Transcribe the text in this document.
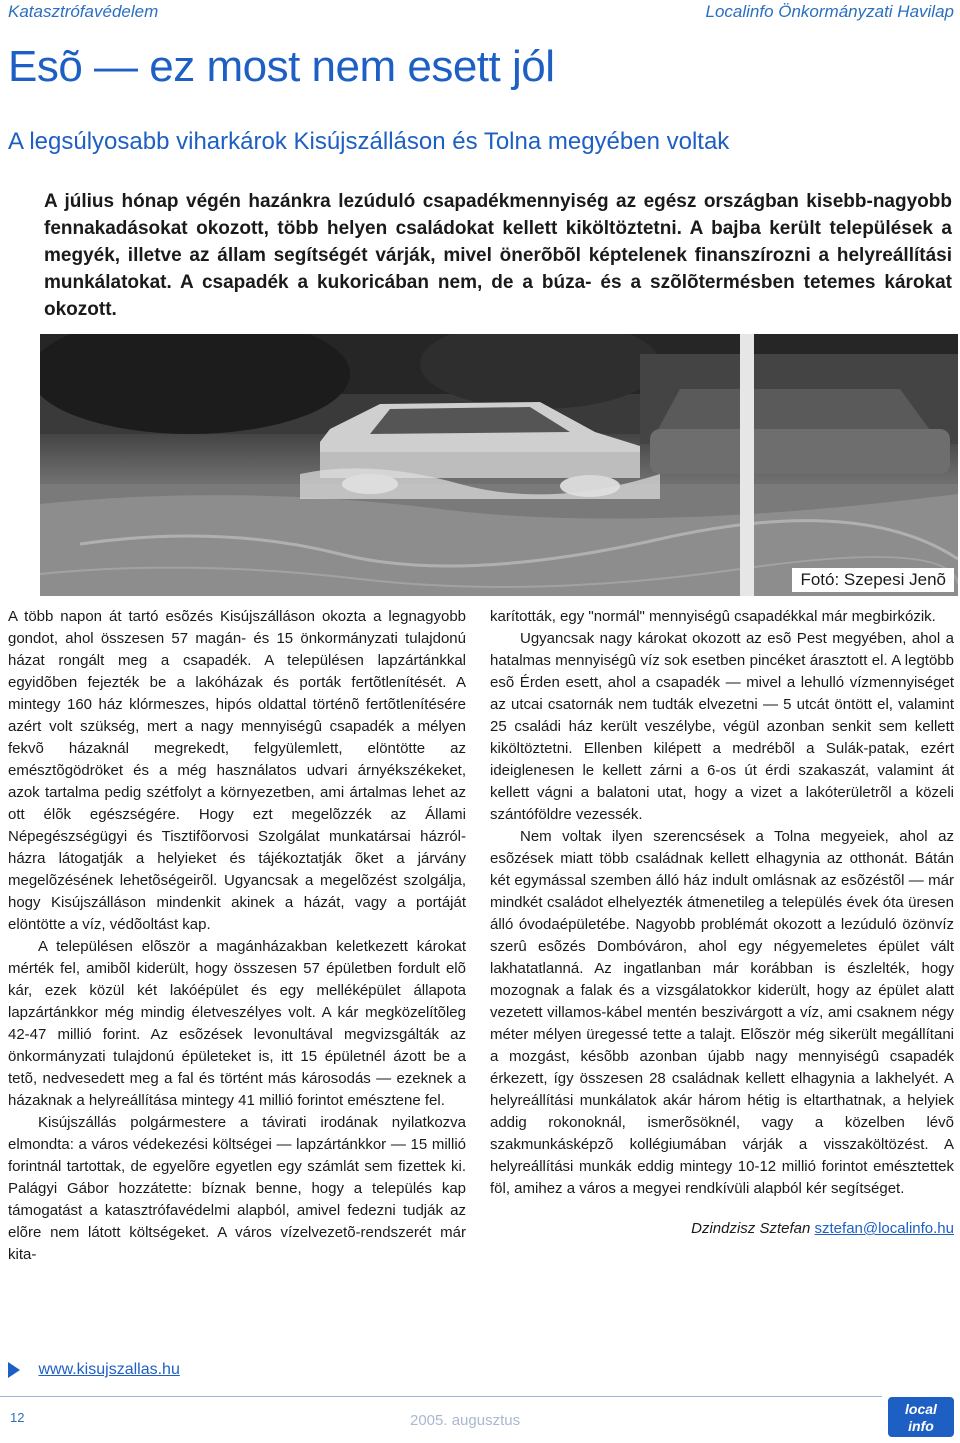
Katasztrófavédelem	Localinfo Önkormányzati Havilap
Esõ — ez most nem esett jól
A legsúlyosabb viharkárok Kisújszálláson és Tolna megyében voltak

A július hónap végén hazánkra lezúduló csapadékmennyiség az egész országban kisebb-nagyobb fennakadásokat okozott, több helyen családokat kellett kiköltöztetni. A bajba került települések a megyék, illetve az állam segítségét várják, mivel önerõbõl képtelenek finanszírozni a helyreállítási munkálatokat. A csapadék a kukoricában nem, de a búza- és a szõlõtermésben tetemes károkat okozott.

Fotó: Szepesi Jenõ

A több napon át tartó esõzés Kisújszálláson okozta a legnagyobb gondot, ahol összesen 57 magán- és 15 önkormányzati tulajdonú házat rongált meg a csapadék. A településen lapzártánkkal egyidõben fejezték be a lakóházak és porták fertõtlenítését. A mintegy 160 ház klórmeszes, hipós oldattal történõ fertõtlenítésére azért volt szükség, mert a nagy mennyiségû csapadék a mélyen fekvõ házaknál megrekedt, felgyülemlett, elöntötte az emésztõgödröket és a még használatos udvari árnyékszékeket, azok tartalma pedig szétfolyt a környezetben, ami ártalmas lehet az ott élõk egészségére. Hogy ezt megelõzzék az Állami Népegészségügyi és Tisztifõorvosi Szolgálat munkatársai házról-házra látogatják a helyieket és tájékoztatják õket a járvány megelõzésének lehetõségeirõl. Ugyancsak a megelõzést szolgálja, hogy Kisújszálláson mindenkit akinek a házát, vagy a portáját elöntötte a víz, védõoltást kap.

A településen elõször a magánházakban keletkezett károkat mérték fel, amibõl kiderült, hogy összesen 57 épületben fordult elõ kár, ezek közül két lakóépület és egy melléképület állapota lapzártánkkor még mindig életveszélyes volt. A kár megközelítõleg 42-47 millió forint. Az esõzések levonultával megvizsgálták az önkormányzati tulajdonú épületeket is, itt 15 épületnél ázott be a tetõ, nedvesedett meg a fal és történt más károsodás — ezeknek a házaknak a helyreállítása mintegy 41 millió forintot emésztene fel.

Kisújszállás polgármestere a távirati irodának nyilatkozva elmondta: a város védekezési költségei — lapzártánkkor — 15 millió forintnál tartottak, de egyelõre egyetlen egy számlát sem fizettek ki. Palágyi Gábor hozzátette: bíznak benne, hogy a település kap támogatást a katasztrófavédelmi alapból, amivel fedezni tudják az elõre nem látott költségeket. A város vízelvezetõ-rendszerét már kita-

karították, egy "normál" mennyiségû csapadékkal már megbirkózik.

Ugyancsak nagy károkat okozott az esõ Pest megyében, ahol a hatalmas mennyiségû víz sok esetben pincéket árasztott el. A legtöbb esõ Érden esett, ahol a csapadék — mivel a lehulló vízmennyiséget az utcai csatornák nem tudták elvezetni — 5 utcát öntött el, valamint 25 családi ház került veszélybe, végül azonban senkit sem kellett kiköltöztetni. Ellenben kilépett a medrébõl a Sulák-patak, ezért ideiglenesen le kellett zárni a 6-os út érdi szakaszát, valamint át kellett vágni a balatoni utat, hogy a vizet a lakóterületrõl a közeli szántóföldre vezessék.

Nem voltak ilyen szerencsések a Tolna megyeiek, ahol az esõzések miatt több családnak kellett elhagynia az otthonát. Bátán két egymással szemben álló ház indult omlásnak az esõzéstõl — már mindkét családot elhelyezték átmenetileg a település évek óta üresen álló óvodaépületébe. Nagyobb problémát okozott a lezúduló özönvíz szerû esõzés Dombóváron, ahol egy négyemeletes épület vált lakhatatlanná. Az ingatlanban már korábban is észlelték, hogy mozognak a falak és a vizsgálatokkor kiderült, hogy az épület alatt vezetett villamos-kábel mentén beszivárgott a víz, ami csaknem négy méter mélyen üregessé tette a talajt. Elõször még sikerült megállítani a mozgást, késõbb azonban újabb nagy mennyiségû csapadék érkezett, így összesen 28 családnak kellett elhagynia a lakhelyét. A helyreállítási munkálatok akár három hétig is eltarthatnak, a helyiek addig rokonoknál, ismerõsöknél, vagy a közelben lévõ szakmunkásképzõ kollégiumában várják a visszaköltözést. A helyreállítási munkák eddig mintegy 10-12 millió forintot emésztettek föl, amihez a város a megyei rendkívüli alapból kér segítséget.

Dzindzisz Sztefan sztefan@localinfo.hu

www.kisujszallas.hu
12	2005. augusztus
local
info
